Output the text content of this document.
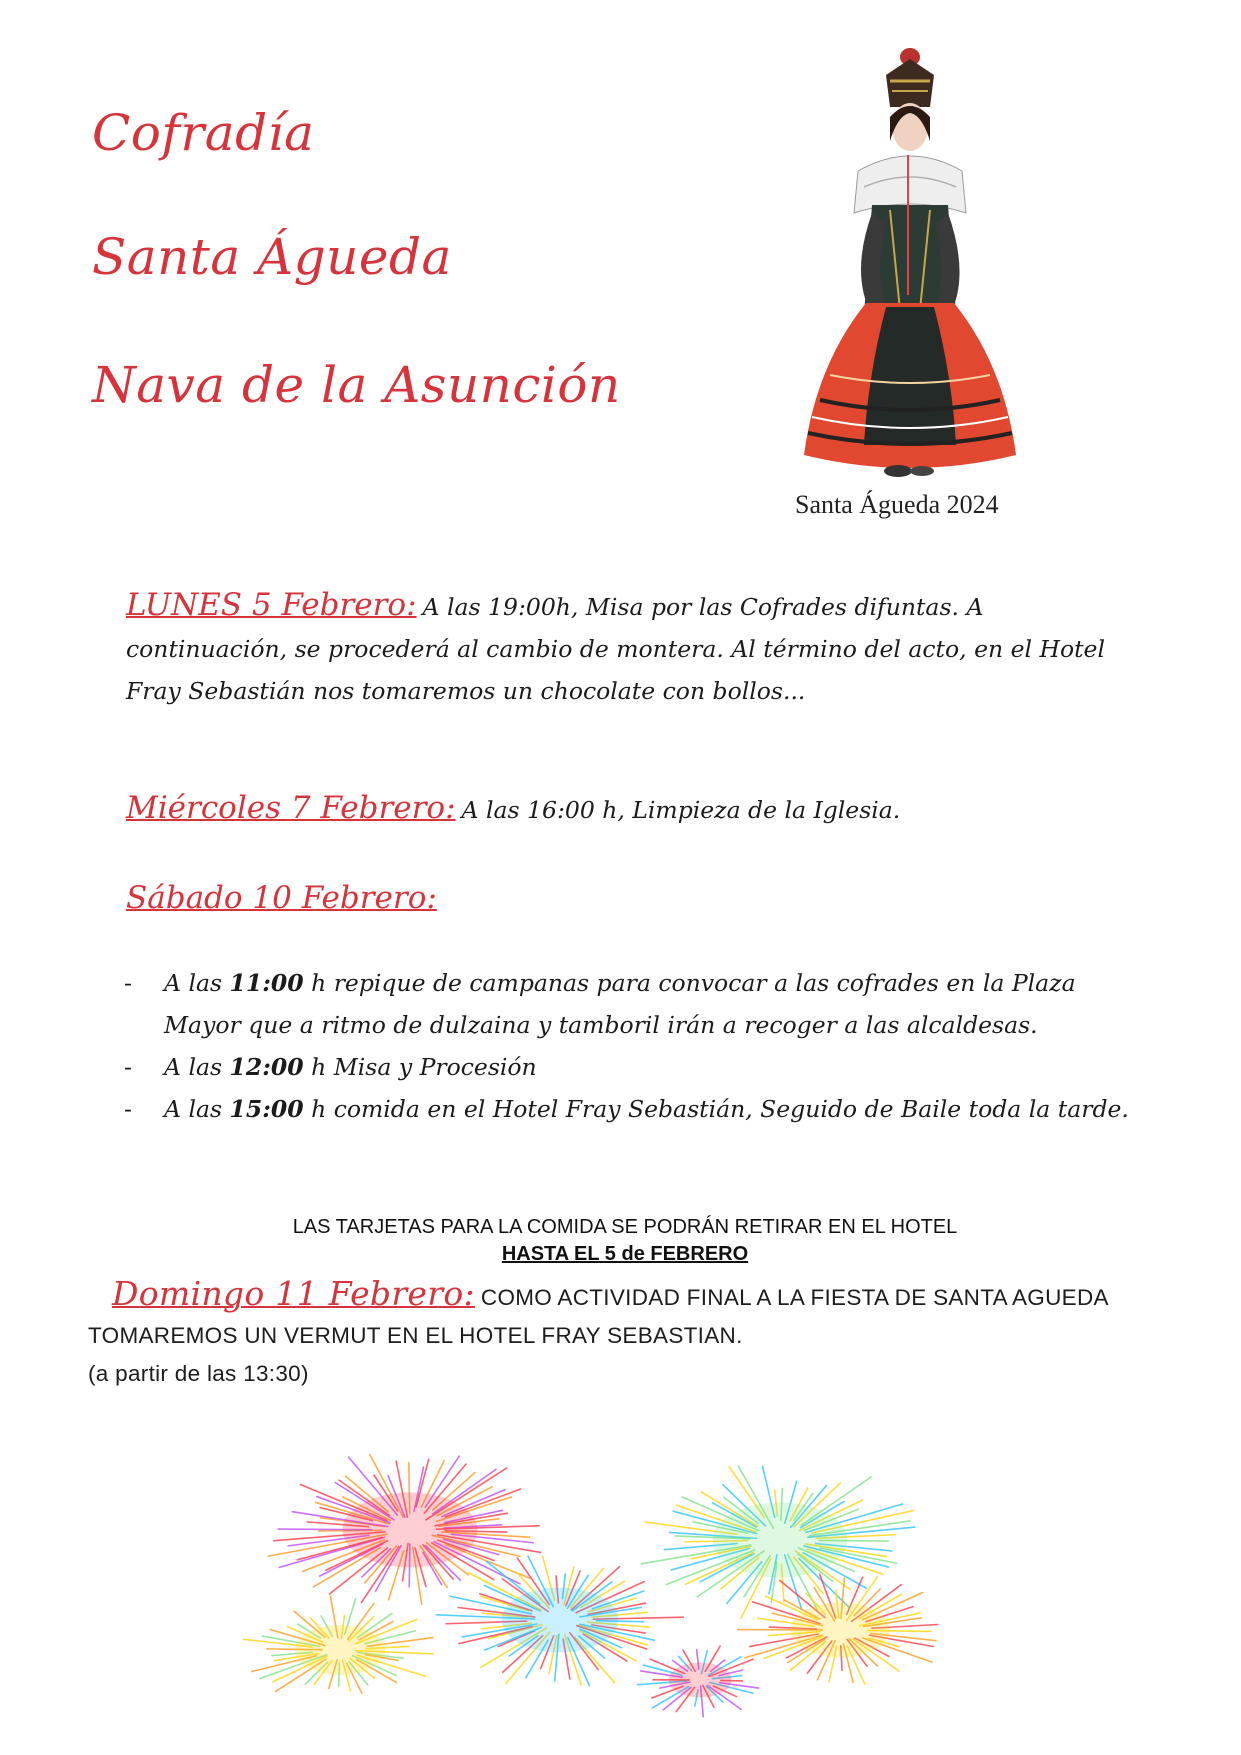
Cofradía
Santa Águeda
Nava de la Asunción
Santa Águeda 2024
LUNES 5 Febrero: A las 19:00h, Misa por las Cofrades difuntas. A continuación, se procederá al cambio de montera. Al término del acto, en el Hotel Fray Sebastián nos tomaremos un chocolate con bollos...
Miércoles 7 Febrero: A las 16:00 h, Limpieza de la Iglesia.
Sábado 10 Febrero:
- A las 11:00 h repique de campanas para convocar a las cofrades en la Plaza Mayor que a ritmo de dulzaina y tamboril irán a recoger a las alcaldesas.
- A las 12:00 h Misa y Procesión
- A las 15:00 h comida en el Hotel Fray Sebastián, Seguido de Baile toda la tarde.
LAS TARJETAS PARA LA COMIDA SE PODRÁN RETIRAR EN EL HOTEL
HASTA EL 5 de FEBRERO
Domingo 11 Febrero: COMO ACTIVIDAD FINAL A LA FIESTA DE SANTA AGUEDA TOMAREMOS UN VERMUT EN EL HOTEL FRAY SEBASTIAN.
(a partir de las 13:30)
